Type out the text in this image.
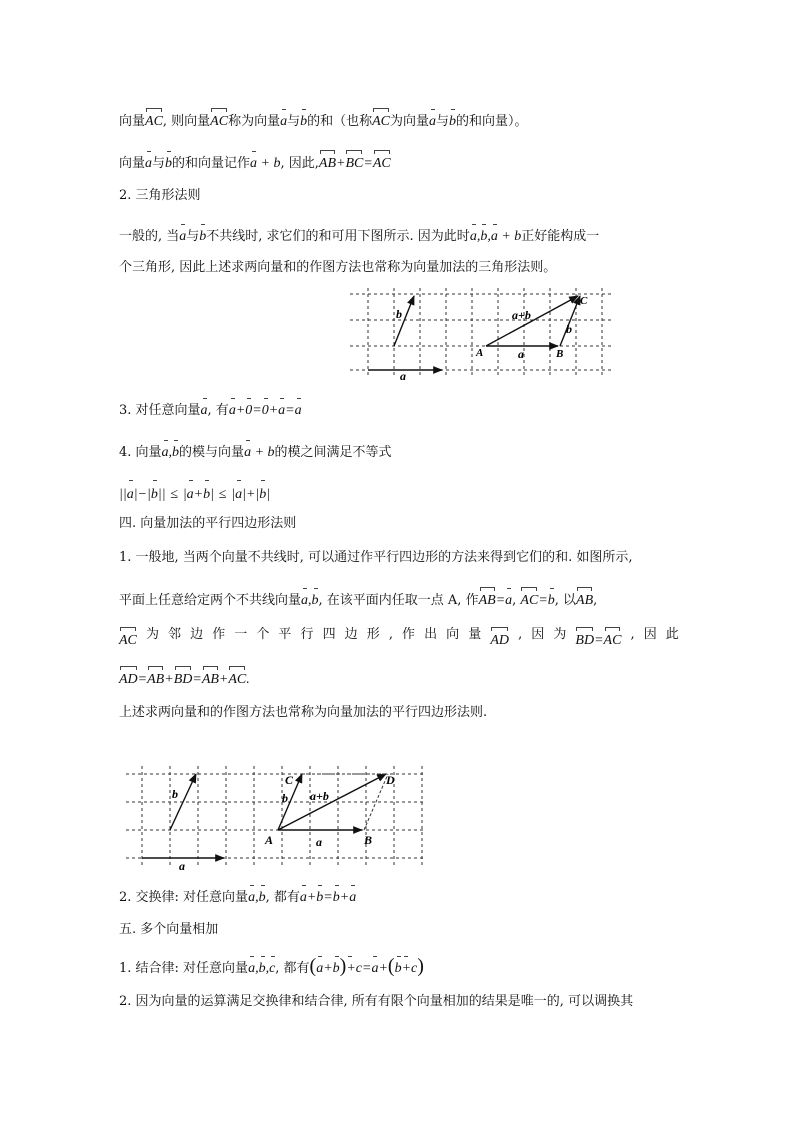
向量AC, 则向量AC称为向量a与b的和（也称AC为向量a与b的和向量）。
向量a与b的和向量记作a + b, 因此,AB+BC=AC
2. 三角形法则
一般的, 当a与b不共线时, 求它们的和可用下图所示. 因为此时a,b,a + b正好能构成一
个三角形, 因此上述求两向量和的作图方法也常称为向量加法的三角形法则。
b
a
a+b
b
a
A	B
C
3. 对任意向量a, 有a+0=0+a=a
4. 向量a,b的模与向量a + b的模之间满足不等式
||a|−|b|| ≤ |a+b| ≤ |a|+|b|
四. 向量加法的平行四边形法则
1. 一般地, 当两个向量不共线时, 可以通过作平行四边形的方法来得到它们的和. 如图所示,
平面上任意给定两个不共线向量a,b, 在该平面内任取一点 A, 作AB=a, AC=b, 以AB,
AC 为 邻 边 作 一 个 平 行 四 边 形 , 作 出 向 量 AD , 因 为 BD=AC , 因 此
AD=AB+BD=AB+AC.
上述求两向量和的作图方法也常称为向量加法的平行四边形法则.
b
a
b a+b
a
A	B
C	D
2. 交换律: 对任意向量a,b, 都有a+b=b+a
五. 多个向量相加
1. 结合律: 对任意向量a,b,c, 都有(a+b)+c=a+(b+c)
2. 因为向量的运算满足交换律和结合律, 所有有限个向量相加的结果是唯一的, 可以调换其
